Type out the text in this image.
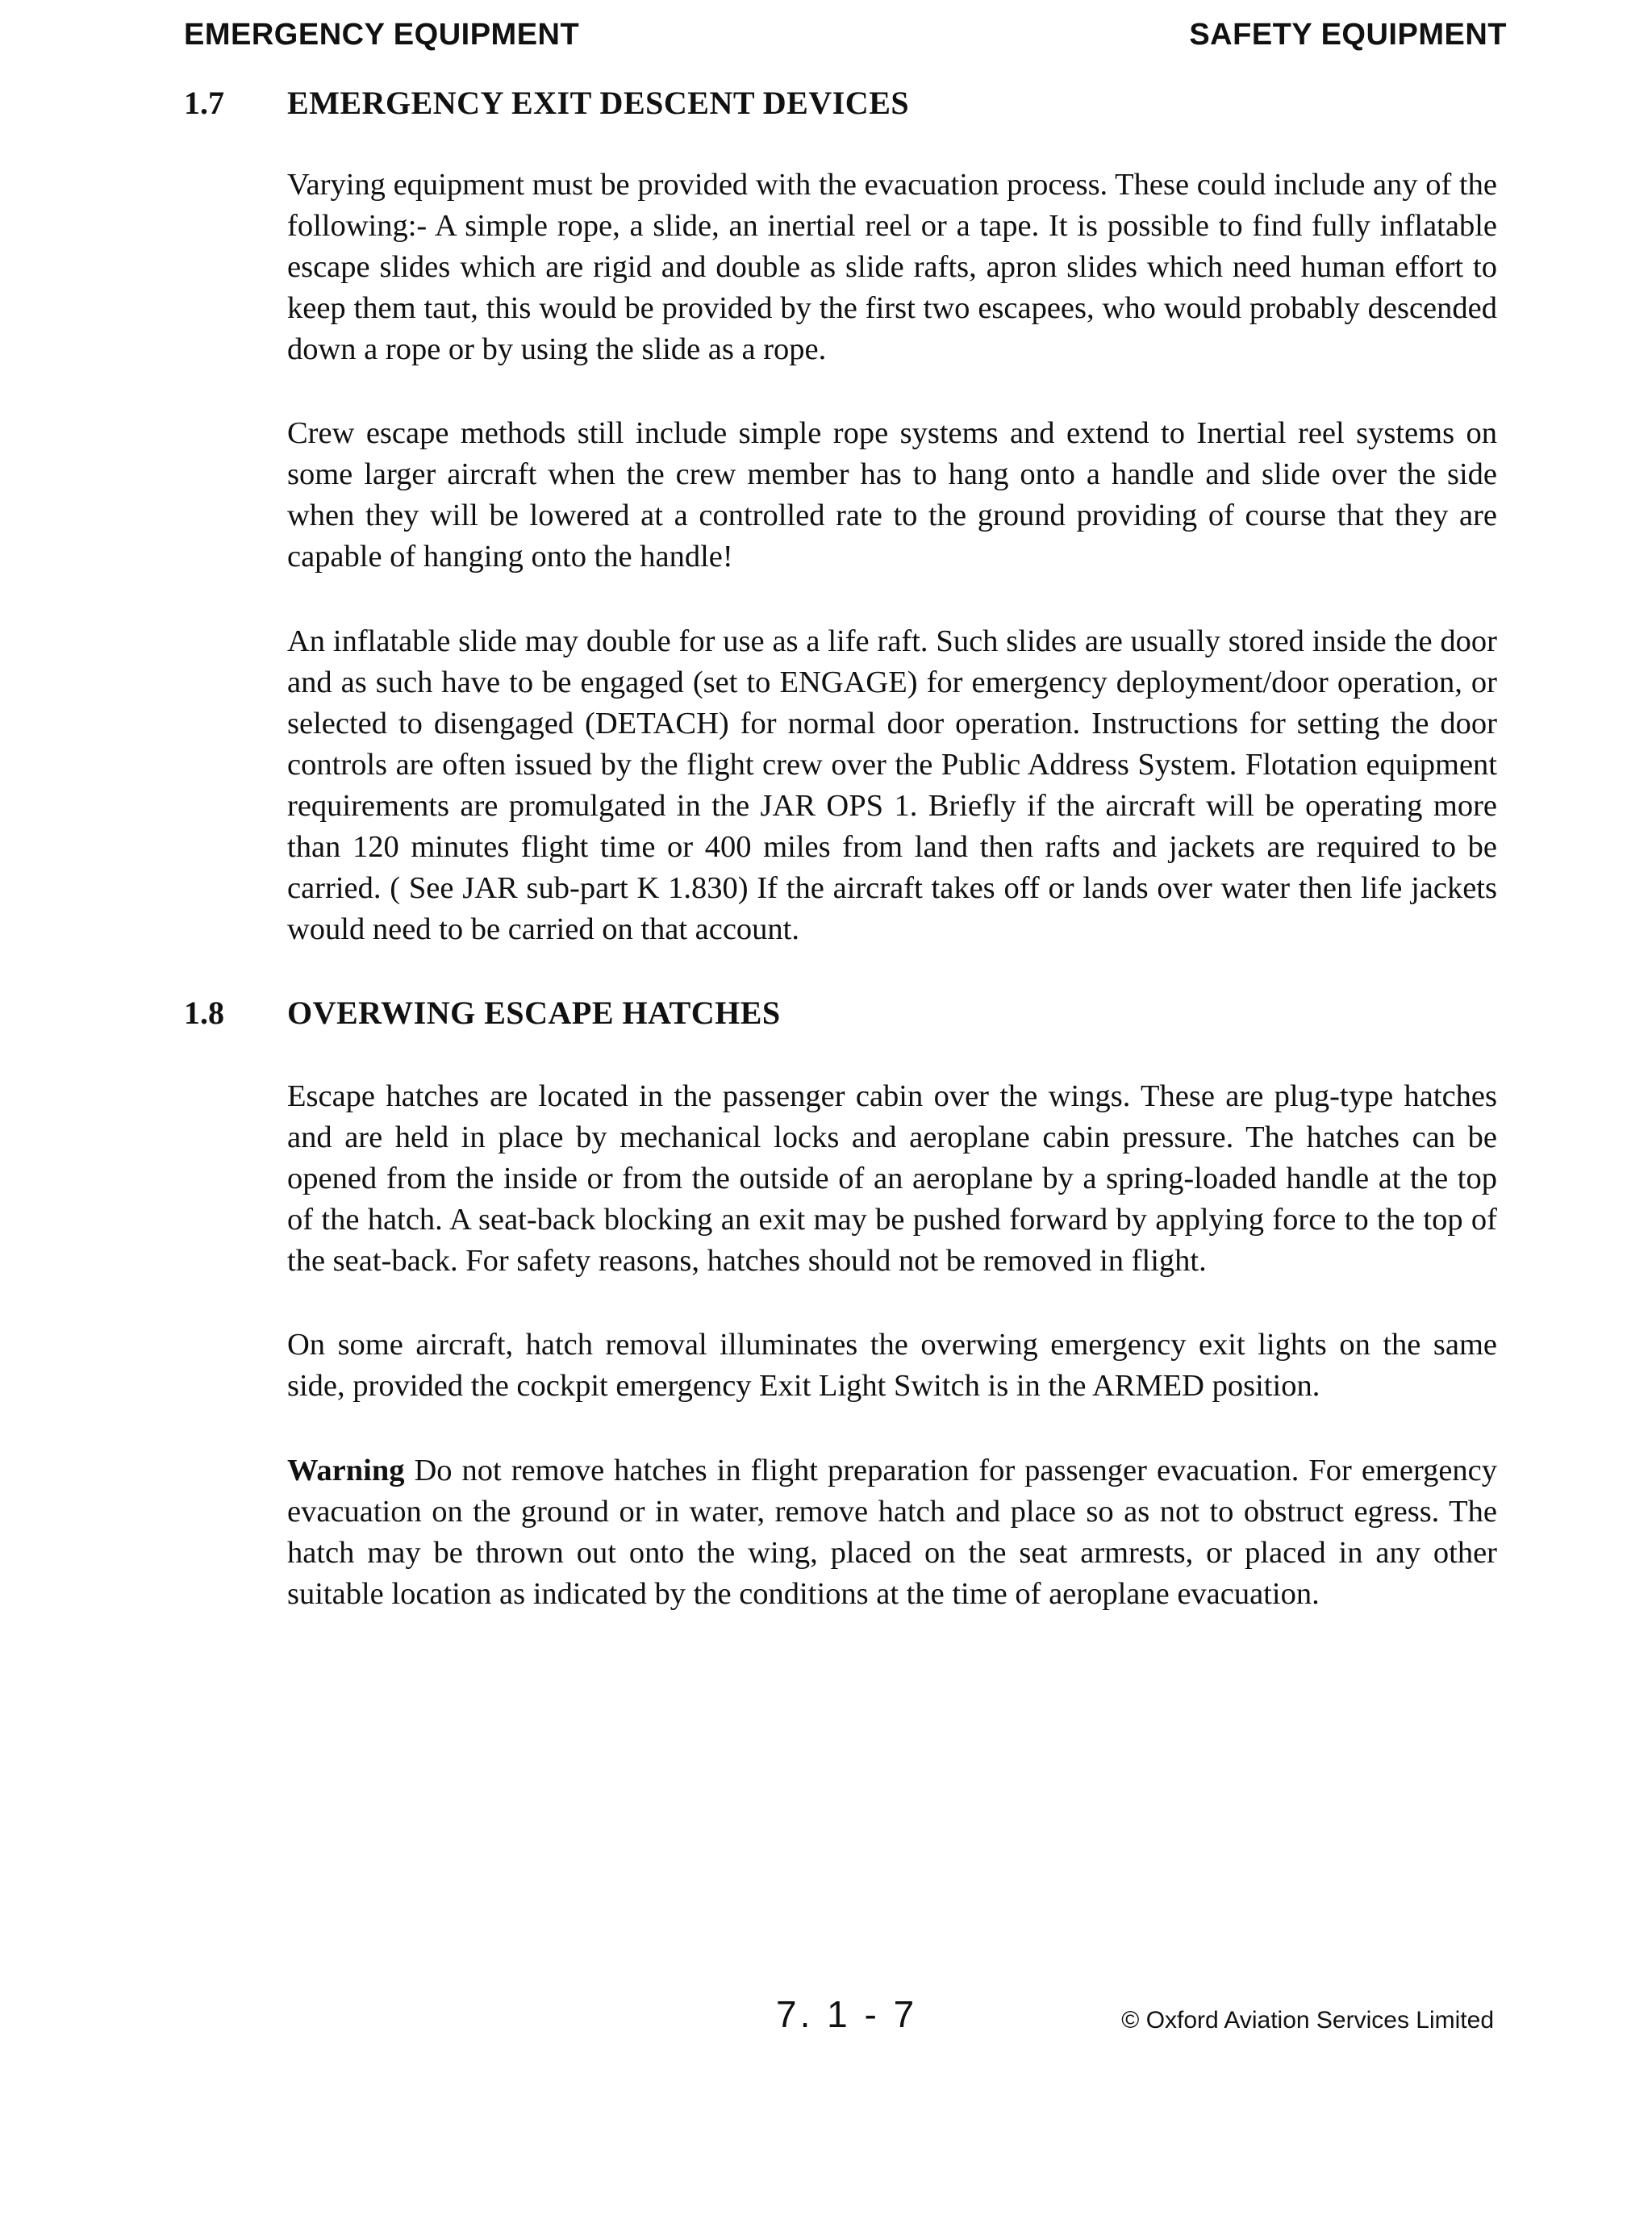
EMERGENCY EQUIPMENT	SAFETY EQUIPMENT
1.7 EMERGENCY EXIT DESCENT DEVICES

Varying equipment must be provided with the evacuation process. These could include any of the following:- A simple rope, a slide, an inertial reel or a tape. It is possible to find fully inflatable escape slides which are rigid and double as slide rafts, apron slides which need human effort to keep them taut, this would be provided by the first two escapees, who would probably descended down a rope or by using the slide as a rope.

Crew escape methods still include simple rope systems and extend to Inertial reel systems on some larger aircraft when the crew member has to hang onto a handle and slide over the side when they will be lowered at a controlled rate to the ground providing of course that they are capable of hanging onto the handle!

An inflatable slide may double for use as a life raft. Such slides are usually stored inside the door and as such have to be engaged (set to ENGAGE) for emergency deployment/door operation, or selected to disengaged (DETACH) for normal door operation. Instructions for setting the door controls are often issued by the flight crew over the Public Address System. Flotation equipment requirements are promulgated in the JAR OPS 1. Briefly if the aircraft will be operating more than 120 minutes flight time or 400 miles from land then rafts and jackets are required to be carried. ( See JAR sub-part K 1.830) If the aircraft takes off or lands over water then life jackets would need to be carried on that account.

1.8 OVERWING ESCAPE HATCHES

Escape hatches are located in the passenger cabin over the wings. These are plug-type hatches and are held in place by mechanical locks and aeroplane cabin pressure. The hatches can be opened from the inside or from the outside of an aeroplane by a spring-loaded handle at the top of the hatch. A seat-back blocking an exit may be pushed forward by applying force to the top of the seat-back. For safety reasons, hatches should not be removed in flight.

On some aircraft, hatch removal illuminates the overwing emergency exit lights on the same side, provided the cockpit emergency Exit Light Switch is in the ARMED position.

Warning Do not remove hatches in flight preparation for passenger evacuation. For emergency evacuation on the ground or in water, remove hatch and place so as not to obstruct egress. The hatch may be thrown out onto the wing, placed on the seat armrests, or placed in any other suitable location as indicated by the conditions at the time of aeroplane evacuation.

7. 1 - 7	© Oxford Aviation Services Limited
